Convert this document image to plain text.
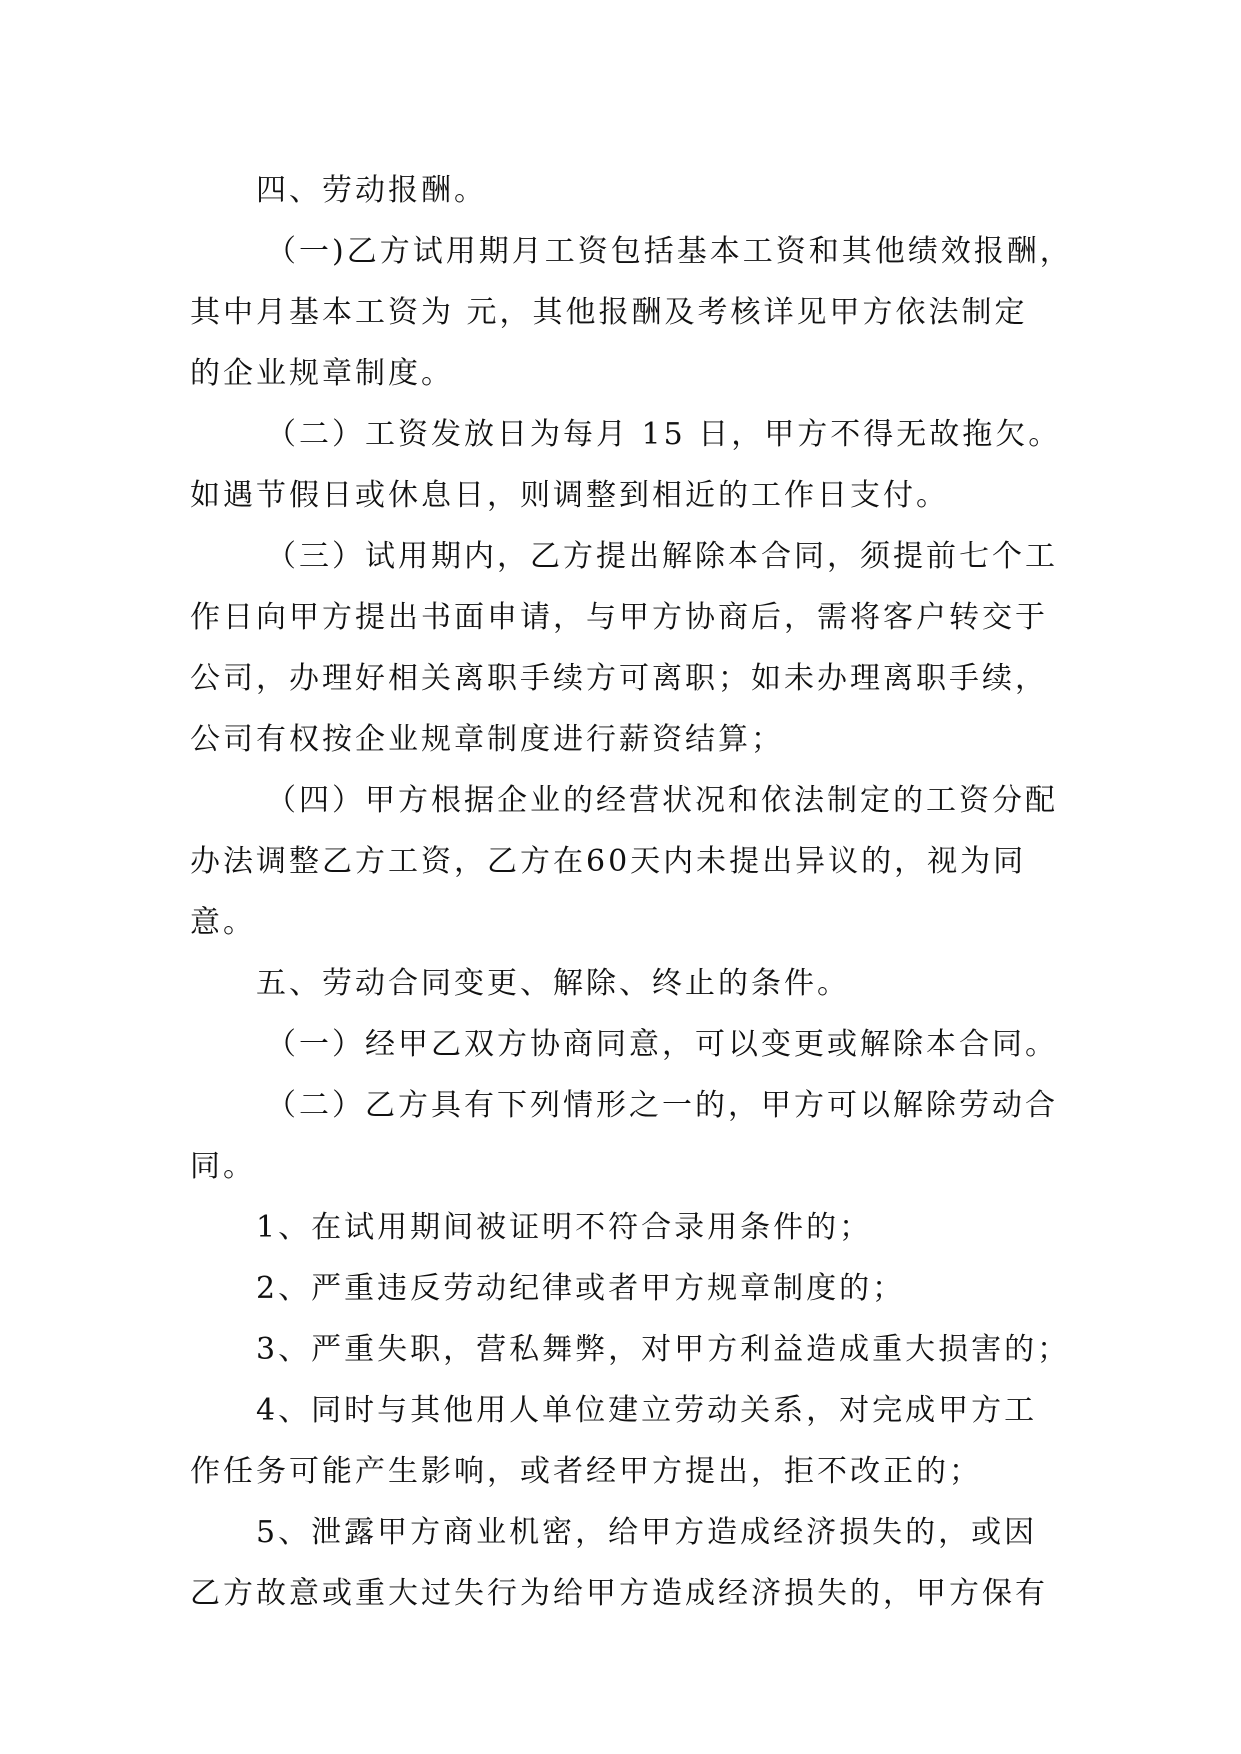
四、劳动报酬。
（一)乙方试用期月工资包括基本工资和其他绩效报酬，
其中月基本工资为 元，其他报酬及考核详见甲方依法制定
的企业规章制度。
（二）工资发放日为每月 15 日，甲方不得无故拖欠。
如遇节假日或休息日，则调整到相近的工作日支付。
（三）试用期内，乙方提出解除本合同，须提前七个工
作日向甲方提出书面申请，与甲方协商后，需将客户转交于
公司，办理好相关离职手续方可离职；如未办理离职手续，
公司有权按企业规章制度进行薪资结算；
（四）甲方根据企业的经营状况和依法制定的工资分配
办法调整乙方工资，乙方在60天内未提出异议的，视为同
意。
五、劳动合同变更、解除、终止的条件。
（一）经甲乙双方协商同意，可以变更或解除本合同。
（二）乙方具有下列情形之一的，甲方可以解除劳动合
同。
1、在试用期间被证明不符合录用条件的；
2、严重违反劳动纪律或者甲方规章制度的；
3、严重失职，营私舞弊，对甲方利益造成重大损害的；
4、同时与其他用人单位建立劳动关系，对完成甲方工
作任务可能产生影响，或者经甲方提出，拒不改正的；
5、泄露甲方商业机密，给甲方造成经济损失的，或因
乙方故意或重大过失行为给甲方造成经济损失的，甲方保有
